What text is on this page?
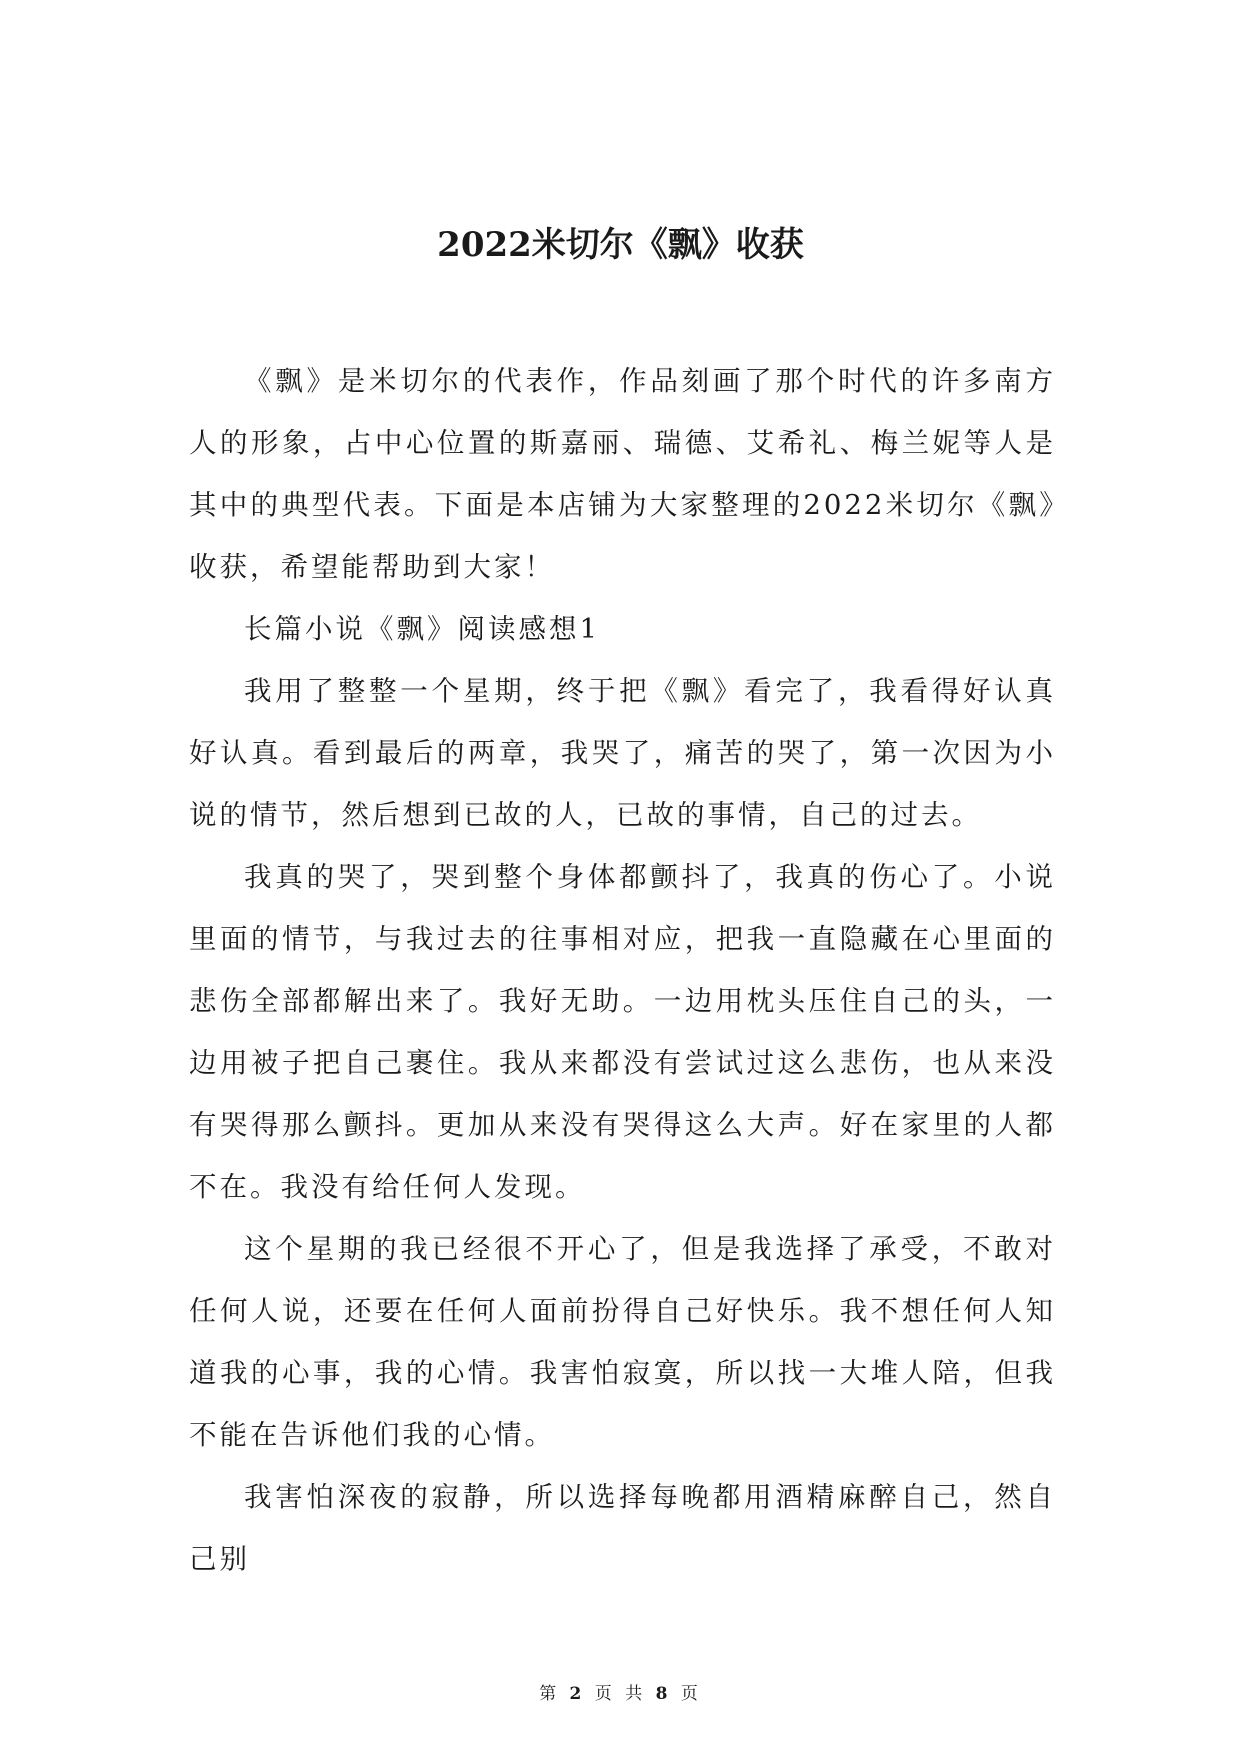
2022米切尔《飘》收获

《飘》是米切尔的代表作，作品刻画了那个时代的许多南方人的形象，占中心位置的斯嘉丽、瑞德、艾希礼、梅兰妮等人是其中的典型代表。下面是本店铺为大家整理的2022米切尔《飘》收获，希望能帮助到大家！

长篇小说《飘》阅读感想1

我用了整整一个星期，终于把《飘》看完了，我看得好认真好认真。看到最后的两章，我哭了，痛苦的哭了，第一次因为小说的情节，然后想到已故的人，已故的事情，自己的过去。

我真的哭了，哭到整个身体都颤抖了，我真的伤心了。小说里面的情节，与我过去的往事相对应，把我一直隐藏在心里面的悲伤全部都解出来了。我好无助。一边用枕头压住自己的头，一边用被子把自己裹住。我从来都没有尝试过这么悲伤，也从来没有哭得那么颤抖。更加从来没有哭得这么大声。好在家里的人都不在。我没有给任何人发现。

这个星期的我已经很不开心了，但是我选择了承受，不敢对任何人说，还要在任何人面前扮得自己好快乐。我不想任何人知道我的心事，我的心情。我害怕寂寞，所以找一大堆人陪，但我不能在告诉他们我的心情。

我害怕深夜的寂静，所以选择每晚都用酒精麻醉自己，然自己别

第 2 页 共 8 页
